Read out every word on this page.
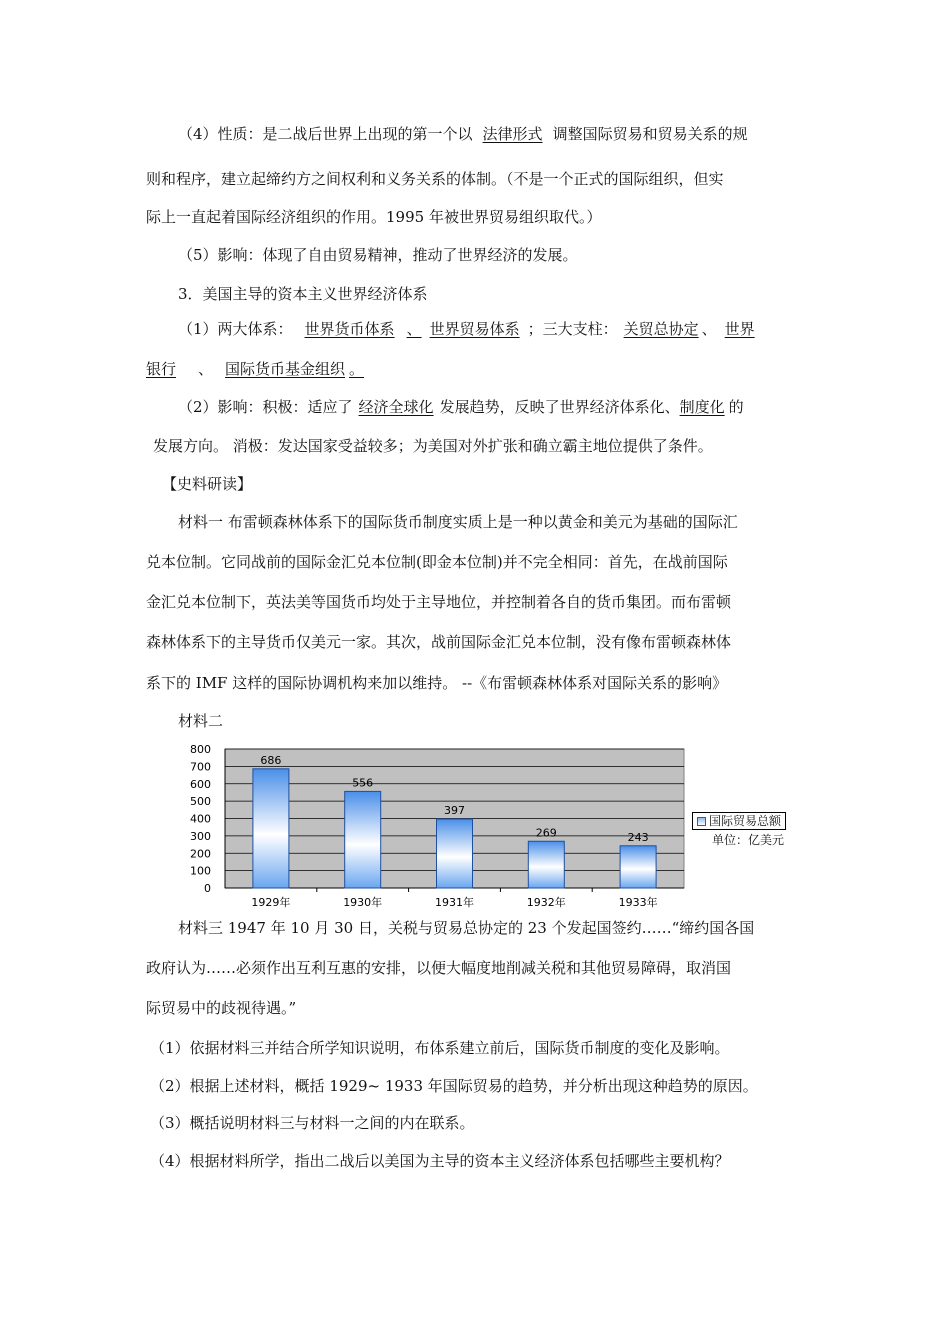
（4）性质：是二战后世界上出现的第一个以 法律形式 调整国际贸易和贸易关系的规
则和程序，建立起缔约方之间权利和义务关系的体制。（不是一个正式的国际组织，但实
际上一直起着国际经济组织的作用。1995 年被世界贸易组织取代。）
（5）影响：体现了自由贸易精神，推动了世界经济的发展。
3．美国主导的资本主义世界经济体系
（1）两大体系： 世界货币体系 、 世界贸易体系 ；三大支柱： 关贸总协定 、 世界
银行 、 国际货币基金组织 。
（2）影响：积极：适应了 经济全球化 发展趋势，反映了世界经济体系化、制度化 的
发展方向。 消极：发达国家受益较多；为美国对外扩张和确立霸主地位提供了条件。
【史料研读】
材料一 布雷顿森林体系下的国际货币制度实质上是一种以黄金和美元为基础的国际汇
兑本位制。它同战前的国际金汇兑本位制(即金本位制)并不完全相同：首先，在战前国际
金汇兑本位制下，英法美等国货币均处于主导地位，并控制着各自的货币集团。而布雷顿
森林体系下的主导货币仅美元一家。其次，战前国际金汇兑本位制，没有像布雷顿森林体
系下的 IMF 这样的国际协调机构来加以维持。 --《布雷顿森林体系对国际关系的影响》
材料二
0
100
200
300
400
500
600
700
800
686
1929年
556
1930年
397
1931年
269
1932年
243
1933年
国际贸易总额
单位：亿美元
材料三 1947 年 10 月 30 日，关税与贸易总协定的 23 个发起国签约……“缔约国各国
政府认为……必须作出互利互惠的安排，以便大幅度地削减关税和其他贸易障碍，取消国
际贸易中的歧视待遇。”
（1）依据材料三并结合所学知识说明，布体系建立前后，国际货币制度的变化及影响。
（2）根据上述材料，概括 1929~ 1933 年国际贸易的趋势，并分析出现这种趋势的原因。
（3）概括说明材料三与材料一之间的内在联系。
（4）根据材料所学，指出二战后以美国为主导的资本主义经济体系包括哪些主要机构？
